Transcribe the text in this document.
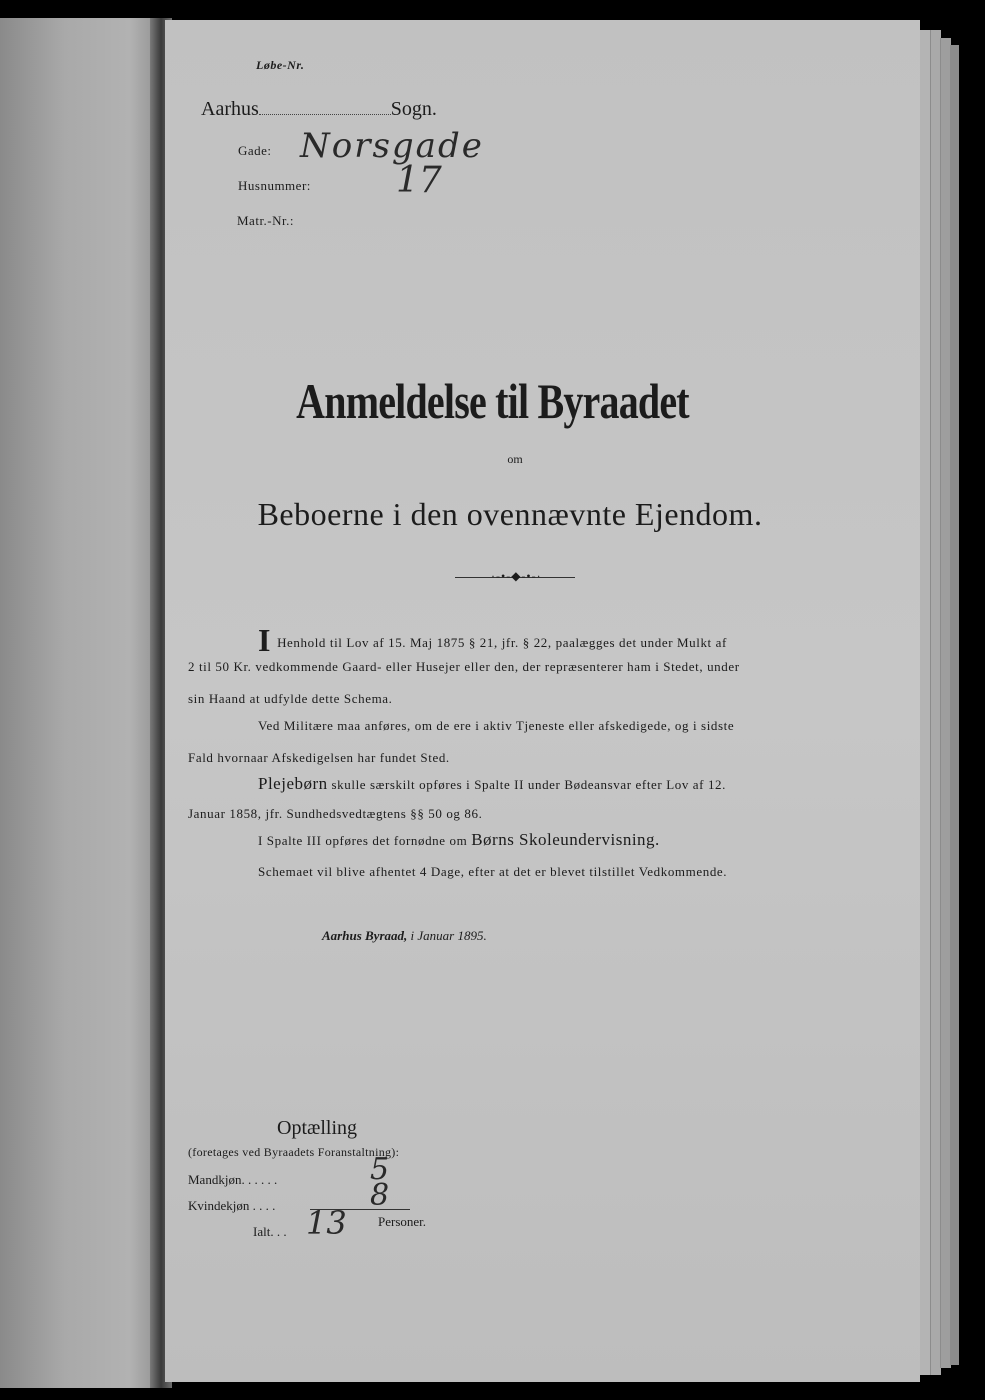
Løbe-Nr.
Aarhus	Sogn.
Gade: Norsgade
Husnummer: 17
Matr.-Nr.:
Anmeldelse til Byraadet
om
Beboerne i den ovennævnte Ejendom.
·-•-◆-•-·
I Henhold til Lov af 15. Maj 1875 § 21, jfr. § 22, paalægges det under Mulkt af
2 til 50 Kr. vedkommende Gaard- eller Husejer eller den, der repræsenterer ham i Stedet, under
sin Haand at udfylde dette Schema.
Ved Militære maa anføres, om de ere i aktiv Tjeneste eller afskedigede, og i sidste
Fald hvornaar Afskedigelsen har fundet Sted.
Plejebørn skulle særskilt opføres i Spalte II under Bødeansvar efter Lov af 12.
Januar 1858, jfr. Sundhedsvedtægtens §§ 50 og 86.
I Spalte III opføres det fornødne om Børns Skoleundervisning.
Schemaet vil blive afhentet 4 Dage, efter at det er blevet tilstillet Vedkommende.
Aarhus Byraad, i Januar 1895.
Optælling
(foretages ved Byraadets Foranstaltning):
Mandkjøn. . . . . .	5
Kvindekjøn . . . .	8
Ialt. . . 13 Personer.
